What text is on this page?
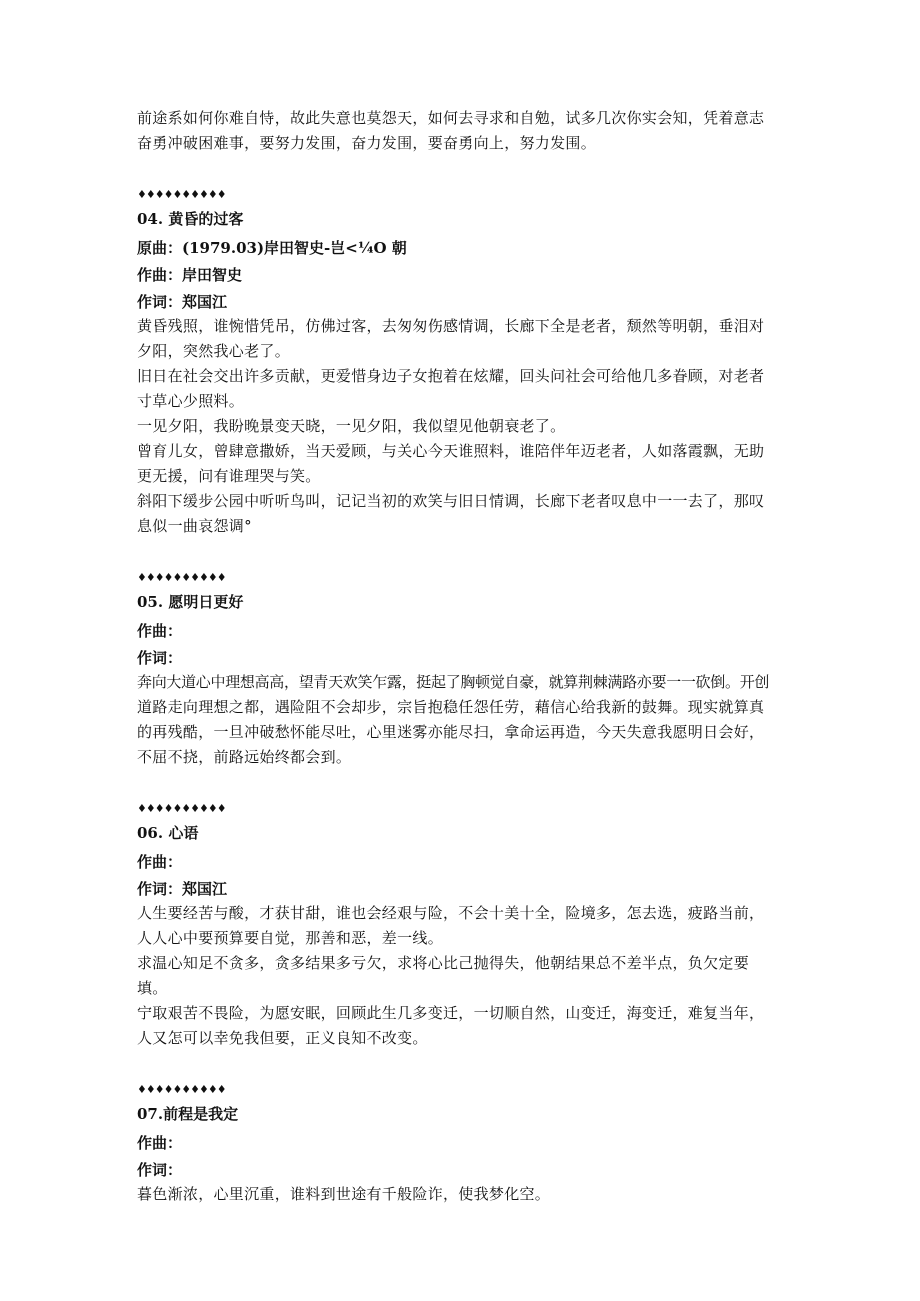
前途系如何你难自恃，故此失意也莫怨天，如何去寻求和自勉，试多几次你实会知，凭着意志

奋勇冲破困难事，要努力发围，奋力发围，要奋勇向上，努力发围。

♦♦♦♦♦♦♦♦♦♦

04. 黄昏的过客

原曲：(1979.03)岸田智史-岂<¼O 朝

作曲：岸田智史

作词：郑国江

黄昏残照，谁惋惜凭吊，仿佛过客，去匆匆伤感情调，长廊下全是老者，颓然等明朝，垂泪对

夕阳，突然我心老了。

旧日在社会交出许多贡献，更爱惜身边子女抱着在炫耀，回头问社会可给他几多眷顾，对老者

寸草心少照料。

一见夕阳，我盼晚景变天晓，一见夕阳，我似望见他朝衰老了。

曾育儿女，曾肆意撒娇，当天爱顾，与关心今天谁照料，谁陪伴年迈老者，人如落霞飘，无助

更无援，问有谁理哭与笑。

斜阳下缓步公园中听听鸟叫，记记当初的欢笑与旧日情调，长廊下老者叹息中一一去了，那叹

息似一曲哀怨调°

♦♦♦♦♦♦♦♦♦♦

05. 愿明日更好

作曲：

作词：

奔向大道心中理想高高，望青天欢笑乍露，挺起了胸顿觉自豪，就算荆棘满路亦要一一砍倒。开创

道路走向理想之都，遇险阻不会却步，宗旨抱稳任怨任劳，藉信心给我新的鼓舞。现实就算真

的再残酷，一旦冲破愁怀能尽吐，心里迷雾亦能尽扫，拿命运再造，今天失意我愿明日会好，

不屈不挠，前路远始终都会到。

♦♦♦♦♦♦♦♦♦♦

06. 心语

作曲：

作词：郑国江

人生要经苦与酸，才获甘甜，谁也会经艰与险，不会十美十全，险境多，怎去选，疲路当前，

人人心中要预算要自觉，那善和恶，差一线。

求温心知足不贪多，贪多结果多亏欠，求将心比己抛得失，他朝结果总不差半点，负欠定要

填。

宁取艰苦不畏险，为愿安眠，回顾此生几多变迁，一切顺自然，山变迁，海变迁，难复当年，

人又怎可以幸免我但要，正义良知不改变。

♦♦♦♦♦♦♦♦♦♦

07.前程是我定

作曲：

作词：

暮色渐浓，心里沉重，谁料到世途有千般险诈，使我梦化空。
